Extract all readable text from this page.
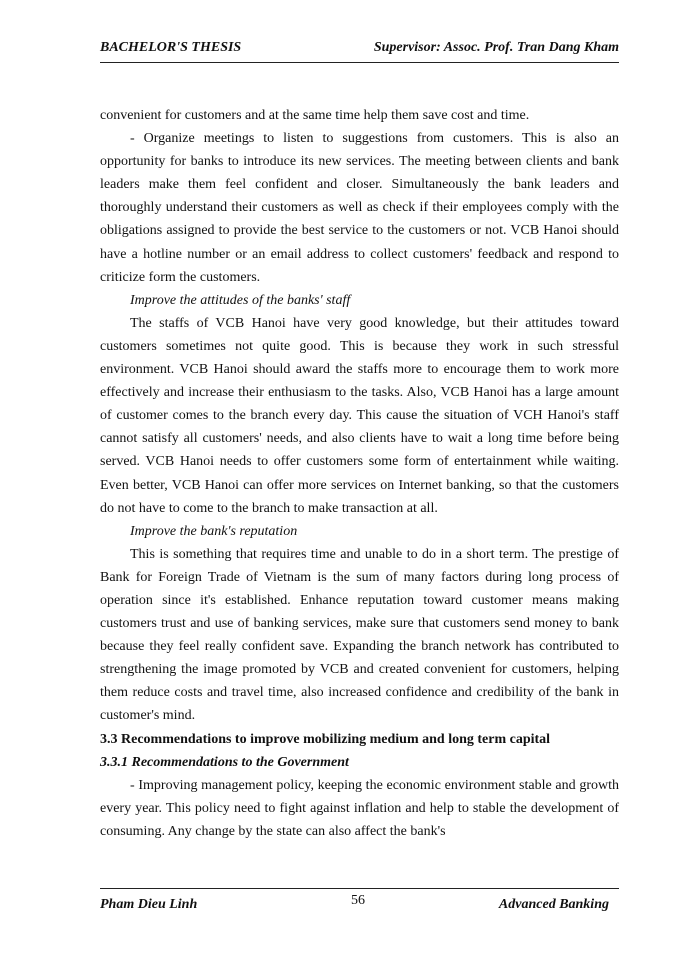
BACHELOR'S THESIS	Supervisor: Assoc. Prof. Tran Dang Kham

convenient for customers and at the same time help them save cost and time.

- Organize meetings to listen to suggestions from customers. This is also an opportunity for banks to introduce its new services. The meeting between clients and bank leaders make them feel confident and closer. Simultaneously the bank leaders and thoroughly understand their customers as well as check if their employees comply with the obligations assigned to provide the best service to the customers or not. VCB Hanoi should have a hotline number or an email address to collect customers' feedback and respond to criticize form the customers.

Improve the attitudes of the banks' staff

The staffs of VCB Hanoi have very good knowledge, but their attitudes toward customers sometimes not quite good. This is because they work in such stressful environment. VCB Hanoi should award the staffs more to encourage them to work more effectively and increase their enthusiasm to the tasks. Also, VCB Hanoi has a large amount of customer comes to the branch every day. This cause the situation of VCH Hanoi's staff cannot satisfy all customers' needs, and also clients have to wait a long time before being served. VCB Hanoi needs to offer customers some form of entertainment while waiting. Even better, VCB Hanoi can offer more services on Internet banking, so that the customers do not have to come to the branch to make transaction at all.

Improve the bank's reputation

This is something that requires time and unable to do in a short term. The prestige of Bank for Foreign Trade of Vietnam is the sum of many factors during long process of operation since it's established. Enhance reputation toward customer means making customers trust and use of banking services, make sure that customers send money to bank because they feel really confident save. Expanding the branch network has contributed to strengthening the image promoted by VCB and created convenient for customers, helping them reduce costs and travel time, also increased confidence and credibility of the bank in customer's mind.

3.3 Recommendations to improve mobilizing medium and long term capital

3.3.1 Recommendations to the Government

- Improving management policy, keeping the economic environment stable and growth every year. This policy need to fight against inflation and help to stable the development of consuming. Any change by the state can also affect the bank's

Pham Dieu Linh	56	Advanced Banking
